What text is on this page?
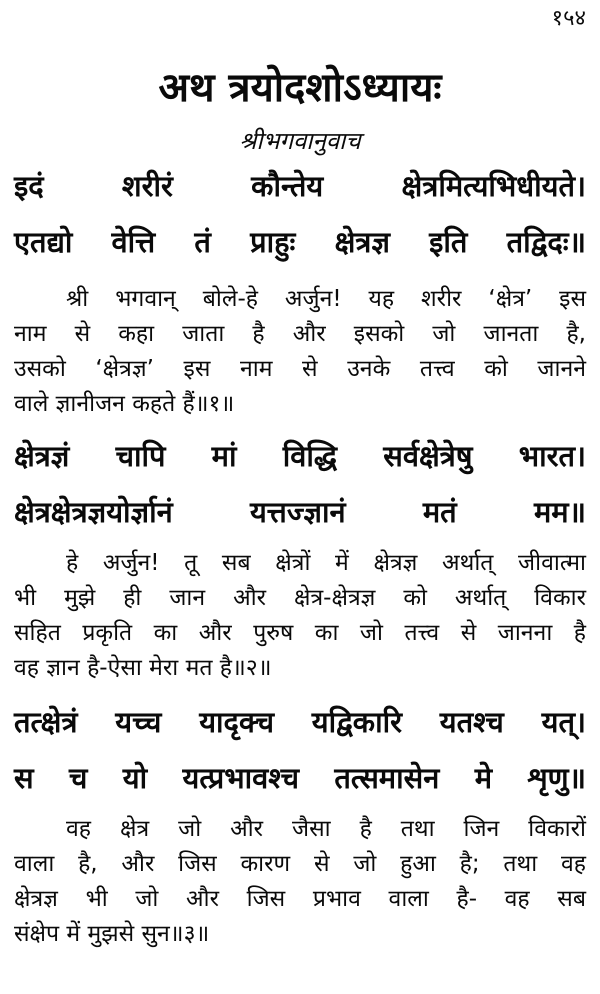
१५४
अथ त्रयोदशोऽध्यायः
श्रीभगवानुवाच
इदं शरीरं कौन्तेय क्षेत्रमित्यभिधीयते।
एतद्यो वेत्ति तं प्राहुः क्षेत्रज्ञ इति तद्विदः॥
श्री भगवान् बोले-हे अर्जुन! यह शरीर ‘क्षेत्र’ इस
नाम से कहा जाता है और इसको जो जानता है,
उसको ‘क्षेत्रज्ञ’ इस नाम से उनके तत्त्व को जानने
वाले ज्ञानीजन कहते हैं॥१॥
क्षेत्रज्ञं चापि मां विद्धि सर्वक्षेत्रेषु भारत।
क्षेत्रक्षेत्रज्ञयोर्ज्ञानं यत्तज्ज्ञानं मतं मम॥
हे अर्जुन! तू सब क्षेत्रों में क्षेत्रज्ञ अर्थात् जीवात्मा
भी मुझे ही जान और क्षेत्र-क्षेत्रज्ञ को अर्थात् विकार
सहित प्रकृति का और पुरुष का जो तत्त्व से जानना है
वह ज्ञान है-ऐसा मेरा मत है॥२॥
तत्क्षेत्रं यच्च यादृक्च यद्विकारि यतश्च यत्।
स च यो यत्प्रभावश्च तत्समासेन मे शृणु॥
वह क्षेत्र जो और जैसा है तथा जिन विकारों
वाला है, और जिस कारण से जो हुआ है; तथा वह
क्षेत्रज्ञ भी जो और जिस प्रभाव वाला है- वह सब
संक्षेप में मुझसे सुन॥३॥
